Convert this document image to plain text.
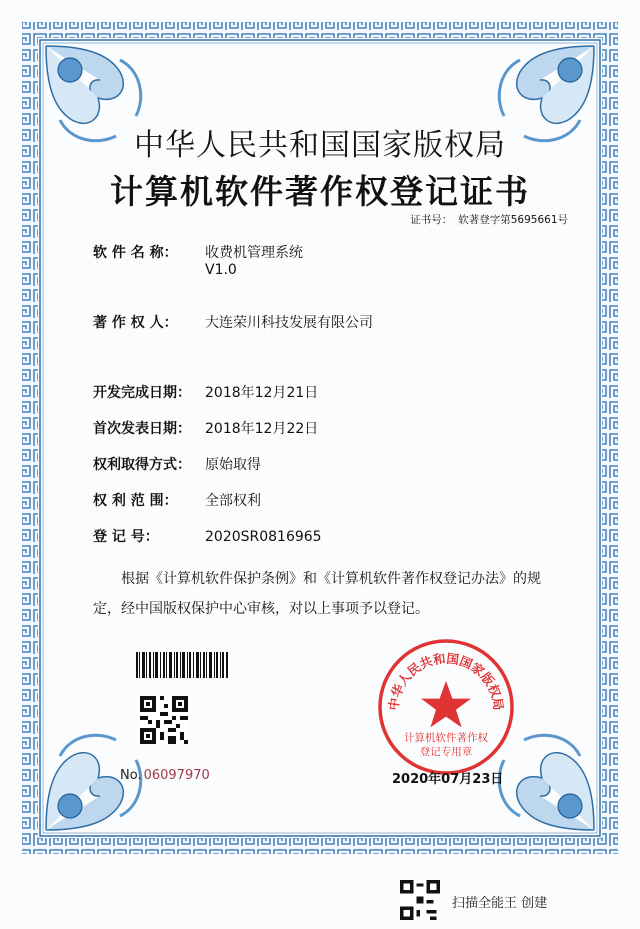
中华人民共和国国家版权局
计算机软件著作权登记证书
证书号： 软著登字第5695661号
软 件 名 称： 收费机管理系统
V1.0
著 作 权 人： 大连荣川科技发展有限公司
开发完成日期： 2018年12月21日
首次发表日期： 2018年12月22日
权利取得方式： 原始取得
权 利 范 围： 全部权利
登 记 号：	2020SR0816965
根据《计算机软件保护条例》和《计算机软件著作权登记办法》的规定，经中国版权保护中心审核，对以上事项予以登记。
No. 06097970
中华人民共和国国家版权局
计算机软件著作权
登记专用章
2020年07月23日
扫描全能王 创建
